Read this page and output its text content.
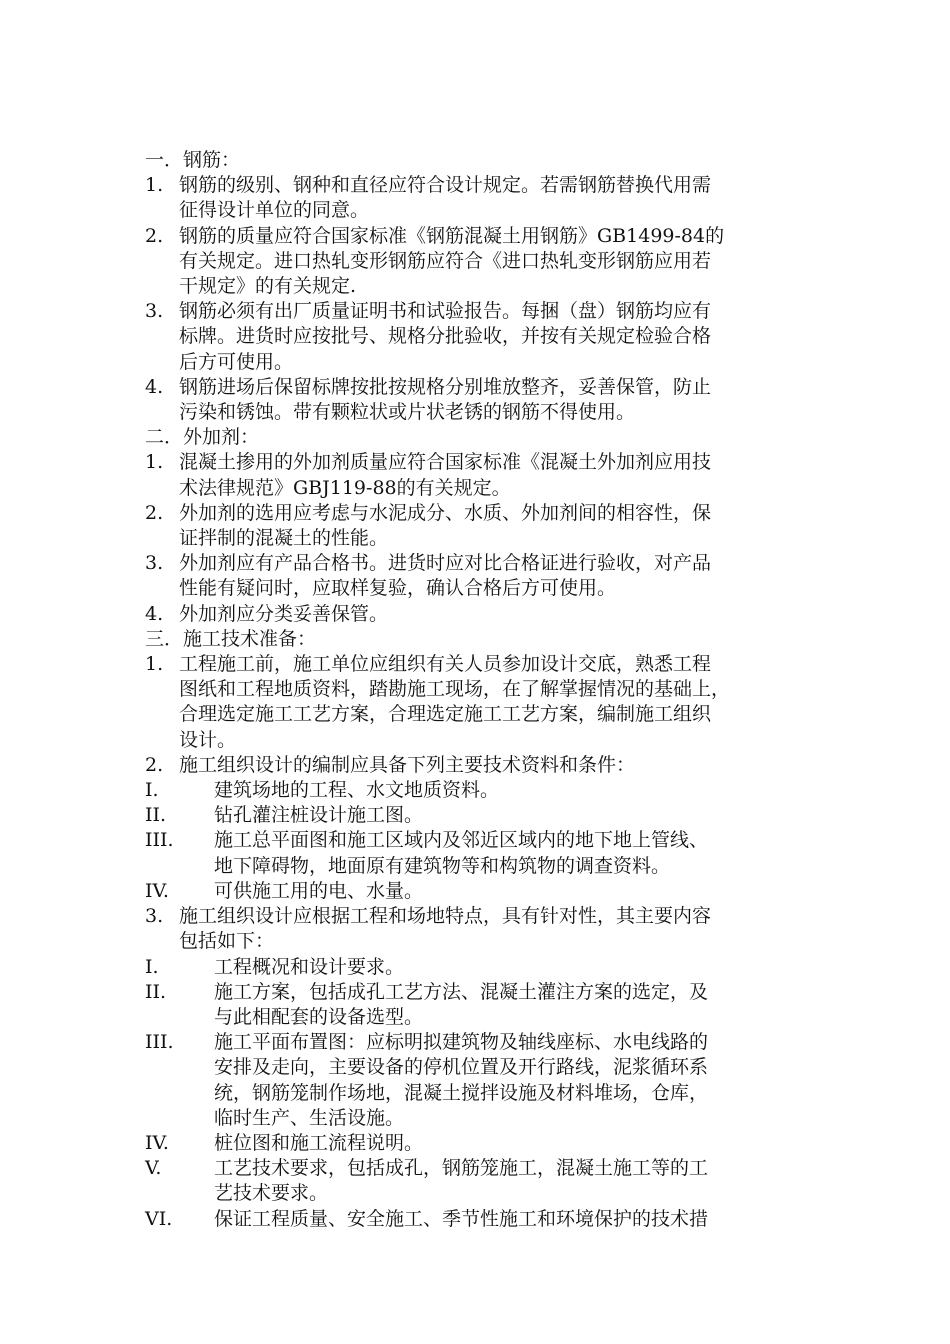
一．钢筋：
1. 钢筋的级别、钢种和直径应符合设计规定。若需钢筋替换代用需
征得设计单位的同意。
2. 钢筋的质量应符合国家标准《钢筋混凝土用钢筋》GB1499-84的
有关规定。进口热轧变形钢筋应符合《进口热轧变形钢筋应用若
干规定》的有关规定.
3. 钢筋必须有出厂质量证明书和试验报告。每捆（盘）钢筋均应有
标牌。进货时应按批号、规格分批验收，并按有关规定检验合格
后方可使用。
4. 钢筋进场后保留标牌按批按规格分别堆放整齐，妥善保管，防止
污染和锈蚀。带有颗粒状或片状老锈的钢筋不得使用。
二．外加剂：
1. 混凝土掺用的外加剂质量应符合国家标准《混凝土外加剂应用技
术法律规范》GBJ119-88的有关规定。
2. 外加剂的选用应考虑与水泥成分、水质、外加剂间的相容性，保
证拌制的混凝土的性能。
3. 外加剂应有产品合格书。进货时应对比合格证进行验收，对产品
性能有疑问时，应取样复验，确认合格后方可使用。
4. 外加剂应分类妥善保管。
三．施工技术准备：
1. 工程施工前，施工单位应组织有关人员参加设计交底，熟悉工程
图纸和工程地质资料，踏勘施工现场，在了解掌握情况的基础上，
合理选定施工工艺方案，合理选定施工工艺方案，编制施工组织
设计。
2. 施工组织设计的编制应具备下列主要技术资料和条件：
I.	建筑场地的工程、水文地质资料。
II.	钻孔灌注桩设计施工图。
III. 施工总平面图和施工区域内及邻近区域内的地下地上管线、
地下障碍物，地面原有建筑物等和构筑物的调查资料。
IV. 可供施工用的电、水量。
3. 施工组织设计应根据工程和场地特点，具有针对性，其主要内容
包括如下：
I.	工程概况和设计要求。
II.	施工方案，包括成孔工艺方法、混凝土灌注方案的选定，及
与此相配套的设备选型。
III. 施工平面布置图：应标明拟建筑物及轴线座标、水电线路的
安排及走向，主要设备的停机位置及开行路线，泥浆循环系
统，钢筋笼制作场地，混凝土搅拌设施及材料堆场，仓库，
临时生产、生活设施。
IV. 桩位图和施工流程说明。
V.	工艺技术要求，包括成孔，钢筋笼施工，混凝土施工等的工
艺技术要求。
VI. 保证工程质量、安全施工、季节性施工和环境保护的技术措
